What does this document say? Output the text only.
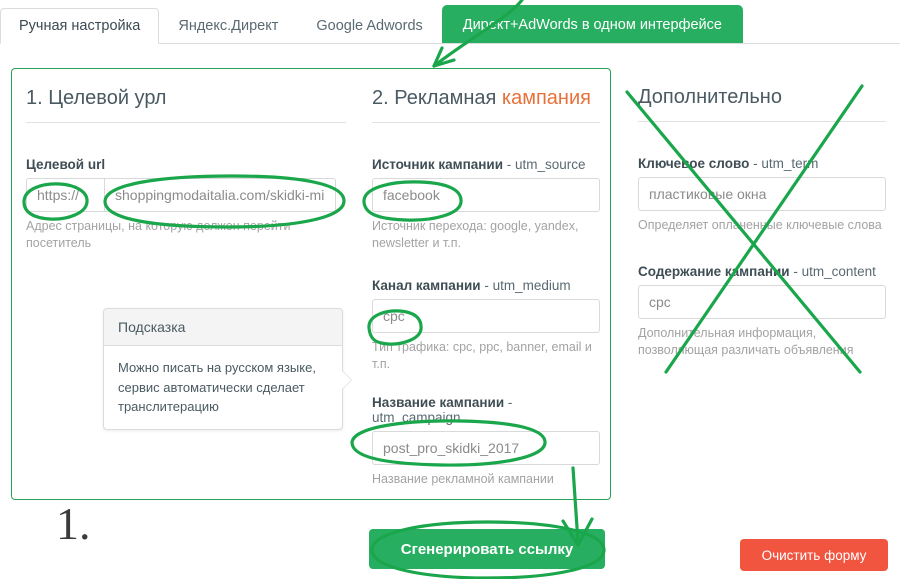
Ручная настройка	Яндекс.Директ	Google Adwords	Директ+AdWords в одном интерфейсе
1. Целевой урл
Целевой url
https://
shoppingmodaitalia.com/skidki-milan
Адрес страницы, на которую должен перейти посетитель
2. Рекламная кампания
Источник кампании - utm_source
facebook
Источник перехода: google, yandex, newsletter и т.п.
Канал кампании - utm_medium
cpc
Тип трафика: cpc, ppc, banner, email и т.п.
Название кампании - utm_campaign
post_pro_skidki_2017
Название рекламной кампании
1.
Дополнительно
Ключевое слово - utm_term
пластиковые окна
Определяет оплаченные ключевые слова
Содержание кампании - utm_content
cpc
Дополнительная информация, позволяющая различать объявления
Подсказка
Можно писать на русском языке, сервис автоматически сделает транслитерацию
Сгенерировать ссылку	Очистить форму
